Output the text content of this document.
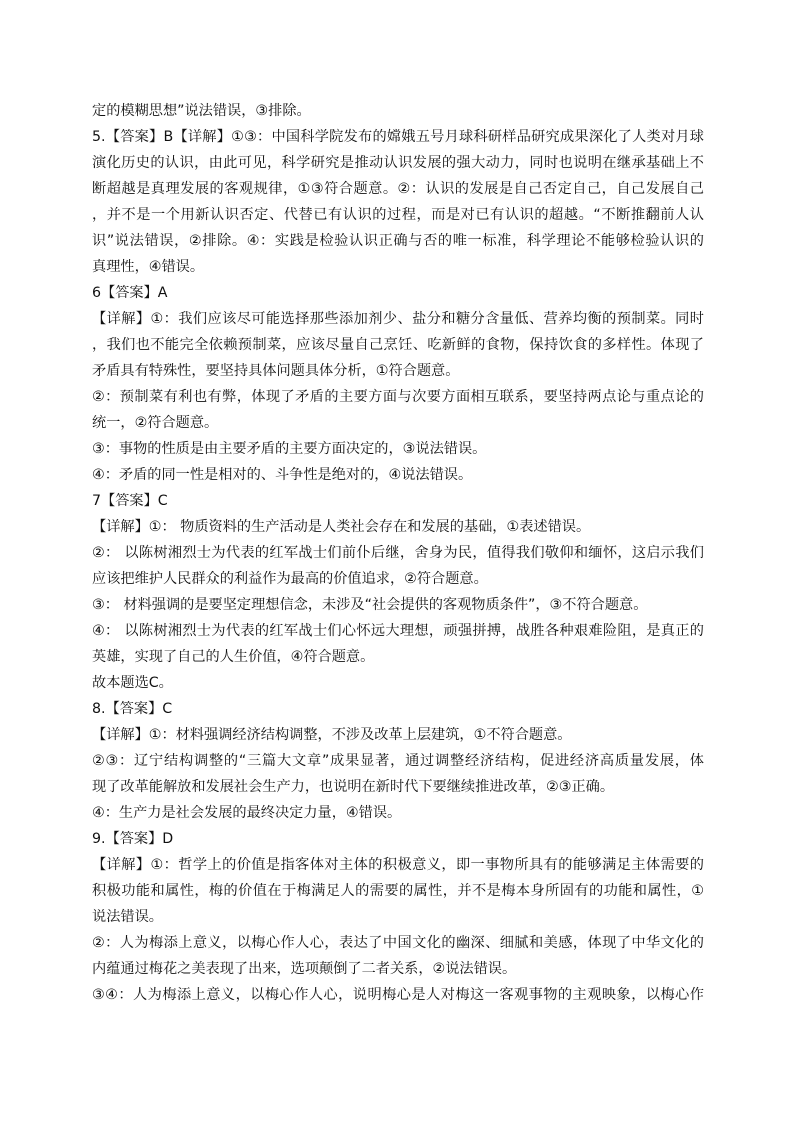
定的模糊思想”说法错误，③排除。
5.【答案】B【详解】①③：中国科学院发布的嫦娥五号月球科研样品研究成果深化了人类对月球
演化历史的认识，由此可见，科学研究是推动认识发展的强大动力，同时也说明在继承基础上不
断超越是真理发展的客观规律，①③符合题意。②：认识的发展是自己否定自己，自己发展自己
，并不是一个用新认识否定、代替已有认识的过程，而是对已有认识的超越。“不断推翻前人认
识”说法错误，②排除。④：实践是检验认识正确与否的唯一标准，科学理论不能够检验认识的
真理性，④错误。
6【答案】A
【详解】①：我们应该尽可能选择那些添加剂少、盐分和糖分含量低、营养均衡的预制菜。同时
，我们也不能完全依赖预制菜，应该尽量自己烹饪、吃新鲜的食物，保持饮食的多样性。体现了
矛盾具有特殊性，要坚持具体问题具体分析，①符合题意。
②：预制菜有利也有弊，体现了矛盾的主要方面与次要方面相互联系，要坚持两点论与重点论的
统一，②符合题意。
③：事物的性质是由主要矛盾的主要方面决定的，③说法错误。
④：矛盾的同一性是相对的、斗争性是绝对的，④说法错误。
7【答案】C
【详解】①： 物质资料的生产活动是人类社会存在和发展的基础，①表述错误。
②： 以陈树湘烈士为代表的红军战士们前仆后继，舍身为民，值得我们敬仰和缅怀，这启示我们
应该把维护人民群众的利益作为最高的价值追求，②符合题意。
③： 材料强调的是要坚定理想信念，未涉及“社会提供的客观物质条件”，③不符合题意。
④： 以陈树湘烈士为代表的红军战士们心怀远大理想，顽强拼搏，战胜各种艰难险阻，是真正的
英雄，实现了自己的人生价值，④符合题意。
故本题选C。
8.【答案】C
【详解】①：材料强调经济结构调整，不涉及改革上层建筑，①不符合题意。
②③：辽宁结构调整的“三篇大文章”成果显著，通过调整经济结构，促进经济高质量发展，体
现了改革能解放和发展社会生产力，也说明在新时代下要继续推进改革，②③正确。
④：生产力是社会发展的最终决定力量，④错误。
9.【答案】D
【详解】①：哲学上的价值是指客体对主体的积极意义，即一事物所具有的能够满足主体需要的
积极功能和属性，梅的价值在于梅满足人的需要的属性，并不是梅本身所固有的功能和属性，①
说法错误。
②：人为梅添上意义，以梅心作人心，表达了中国文化的幽深、细腻和美感，体现了中华文化的
内蕴通过梅花之美表现了出来，选项颠倒了二者关系，②说法错误。
③④：人为梅添上意义，以梅心作人心，说明梅心是人对梅这一客观事物的主观映象，以梅心作
